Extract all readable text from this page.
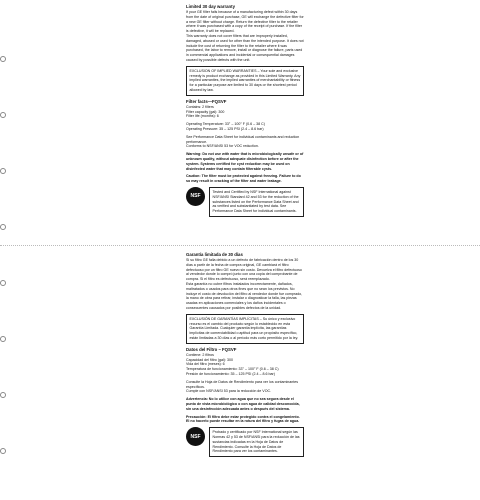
Limited 30 day warranty
If your GE filter fails because of a manufacturing defect within 30 days from the date of original purchase, GE will exchange the defective filter for a new GE filter without charge. Return the defective filter to the retailer where it was purchased with a copy of the receipt of purchase. If the filter is defective, it will be replaced.
This warranty does not cover filters that are improperly installed, damaged, abused or used for other than the intended purpose. It does not include the cost of returning the filter to the retailer where it was purchased, the labor to remove, install or diagnose the failure, parts used in commercial applications and incidental or consequential damages caused by possible defects with the unit.
EXCLUSION OF IMPLIED WARRANTIES – Your sole and exclusive remedy is product exchange as provided in this Limited Warranty. Any implied warranties, the implied warranties of merchantability or fitness for a particular purpose are limited to 30 days or the shortest period allowed by law.
Filter facts—FQSVF
Contains: 2 filters
Filter capacity (gal): 300
Filter life (months): 6
Operating Temperature: 33° – 100° F (0.6 – 38 C)
Operating Pressure: 35 – 125 PSI (2.4 – 8.6 bar)
See Performance Data Sheet for individual contaminants and reduction performance.
Conforms to NSF/ANSI 53 for VOC reduction.
Warning: Do not use with water that is microbiologically unsafe or of unknown quality, without adequate disinfection before or after the system. Systems certified for cyst reduction may be used on disinfected water that may contain filterable cysts.
Caution: The filter must be protected against freezing. Failure to do so may result in cracking of the filter and water leakage.
NSF
Tested and Certified by NSF International against NSF/ANSI Standard 42 and 53 for the reduction of the substances listed on the Performance Data Sheet and as verified and substantiated by test data. See Performance Data Sheet for individual contaminants.
Garantía limitada de 30 días
Si su filtro GE falla debido a un defecto de fabricación dentro de los 30 días a partir de la fecha de compra original, GE cambiará el filtro defectuoso por un filtro GE nuevo sin costo. Devuelva el filtro defectuoso al vendedor donde lo compró junto con una copia del comprobante de compra. Si el filtro es defectuoso, será reemplazado.
Esta garantía no cubre filtros instalados incorrectamente, dañados, maltratados o usados para otros fines que no sean los previstos. No incluye el costo de devolución del filtro al vendedor donde fue comprado, la mano de obra para retirar, instalar o diagnosticar la falla, las piezas usadas en aplicaciones comerciales y los daños incidentales o consecuentes causados por posibles defectos de la unidad.
EXCLUSIÓN DE GARANTÍAS IMPLÍCITAS – Su único y exclusivo recurso es el cambio del producto según lo establecido en esta Garantía Limitada. Cualquier garantía implícita, las garantías implícitas de comerciabilidad o aptitud para un propósito específico, están limitadas a 30 días o al período más corto permitido por la ley.
Datos del Filtro – FQSVF
Contiene: 2 filtros
Capacidad del filtro (gal): 300
Vida del filtro (meses): 6
Temperatura de funcionamiento: 33° – 100° F (0.6 – 38 C)
Presión de funcionamiento: 35 – 125 PSI (2.4 – 8.6 bar)
Consulte la Hoja de Datos de Rendimiento para ver los contaminantes específicos.
Cumple con NSF/ANSI 53 para la reducción de VOC.
Advertencia: No lo utilice con agua que no sea segura desde el punto de vista microbiológico o con agua de calidad desconocida, sin una desinfección adecuada antes o después del sistema.
Precaución: El filtro debe estar protegido contra el congelamiento. El no hacerlo puede resultar en la rotura del filtro y fugas de agua.
NSF
Probado y certificado por NSF International según las Normas 42 y 53 de NSF/ANSI para la reducción de las sustancias indicadas en la Hoja de Datos de Rendimiento. Consulte la Hoja de Datos de Rendimiento para ver los contaminantes.
